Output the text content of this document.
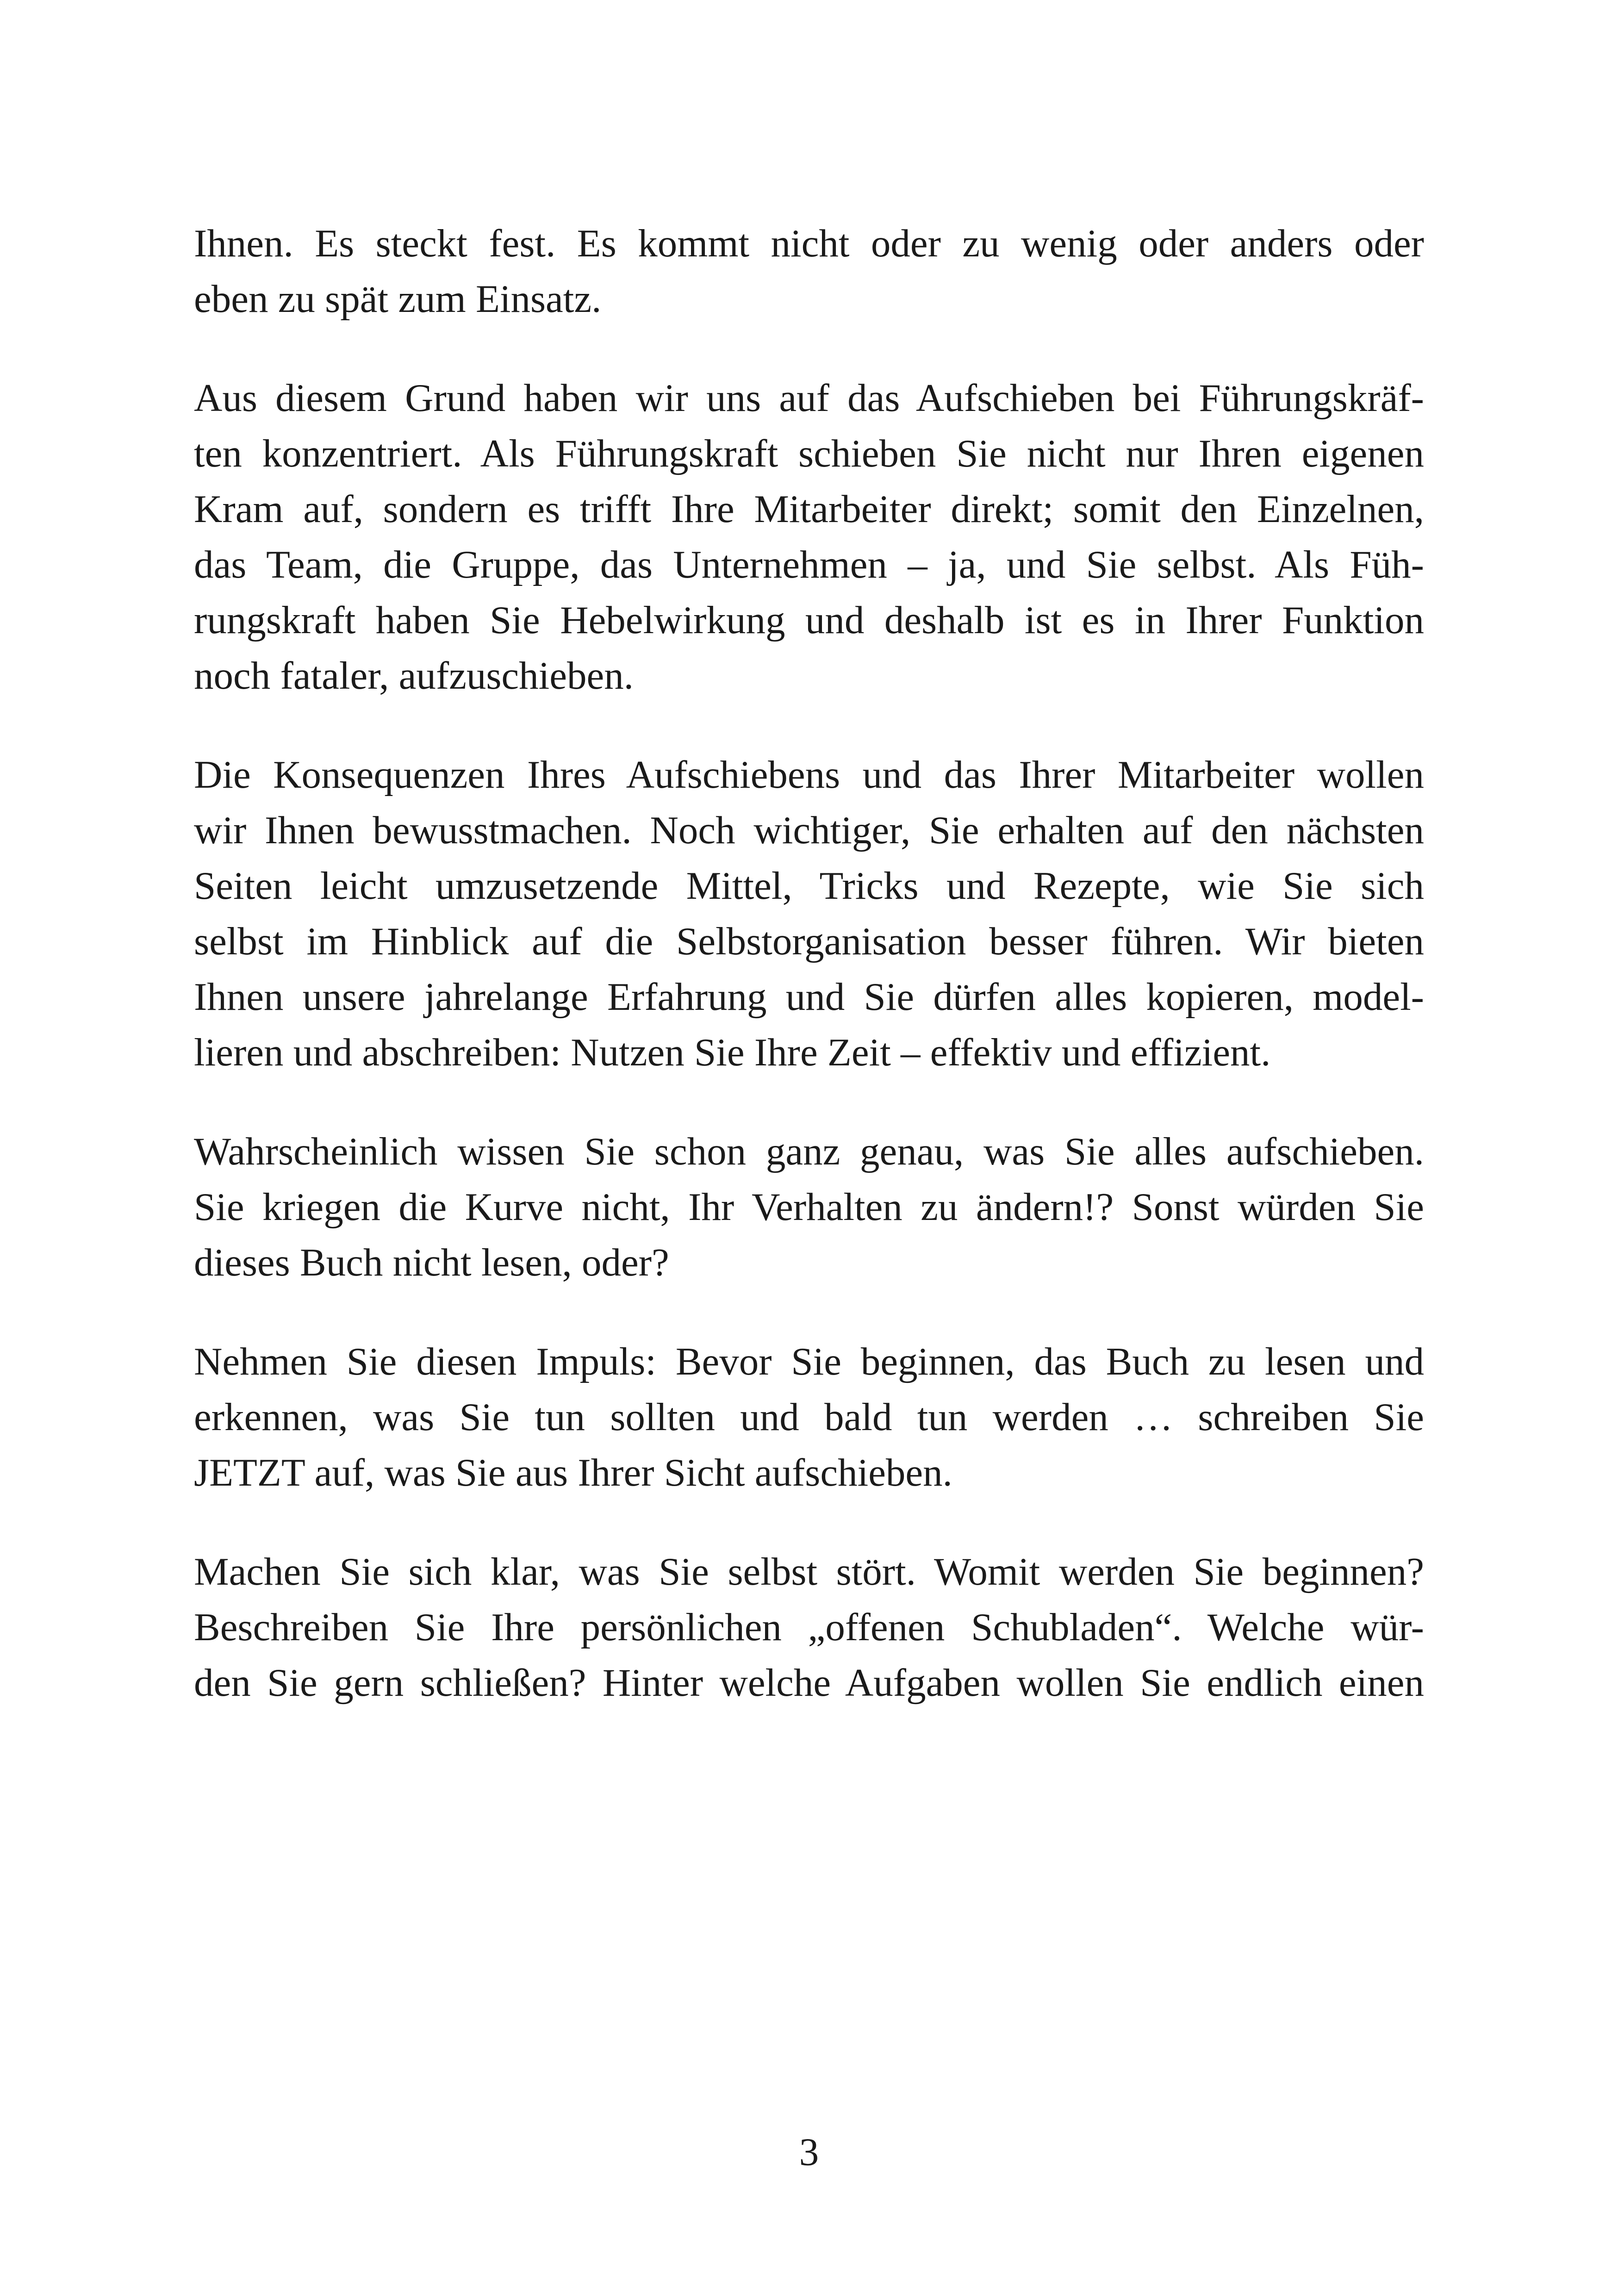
Ihnen. Es steckt fest. Es kommt nicht oder zu wenig oder anders oder
eben zu spät zum Einsatz.

Aus diesem Grund haben wir uns auf das Aufschieben bei Führungskräf-
ten konzentriert. Als Führungskraft schieben Sie nicht nur Ihren eigenen
Kram auf, sondern es trifft Ihre Mitarbeiter direkt; somit den Einzelnen,
das Team, die Gruppe, das Unternehmen – ja, und Sie selbst. Als Füh-
rungskraft haben Sie Hebelwirkung und deshalb ist es in Ihrer Funktion
noch fataler, aufzuschieben.

Die Konsequenzen Ihres Aufschiebens und das Ihrer Mitarbeiter wollen
wir Ihnen bewusstmachen. Noch wichtiger, Sie erhalten auf den nächsten
Seiten leicht umzusetzende Mittel, Tricks und Rezepte, wie Sie sich
selbst im Hinblick auf die Selbstorganisation besser führen. Wir bieten
Ihnen unsere jahrelange Erfahrung und Sie dürfen alles kopieren, model-
lieren und abschreiben: Nutzen Sie Ihre Zeit – effektiv und effizient.

Wahrscheinlich wissen Sie schon ganz genau, was Sie alles aufschieben.
Sie kriegen die Kurve nicht, Ihr Verhalten zu ändern!? Sonst würden Sie
dieses Buch nicht lesen, oder?

Nehmen Sie diesen Impuls: Bevor Sie beginnen, das Buch zu lesen und
erkennen, was Sie tun sollten und bald tun werden … schreiben Sie
JETZT auf, was Sie aus Ihrer Sicht aufschieben.

Machen Sie sich klar, was Sie selbst stört. Womit werden Sie beginnen?
Beschreiben Sie Ihre persönlichen „offenen Schubladen“. Welche wür-
den Sie gern schließen? Hinter welche Aufgaben wollen Sie endlich einen

3
